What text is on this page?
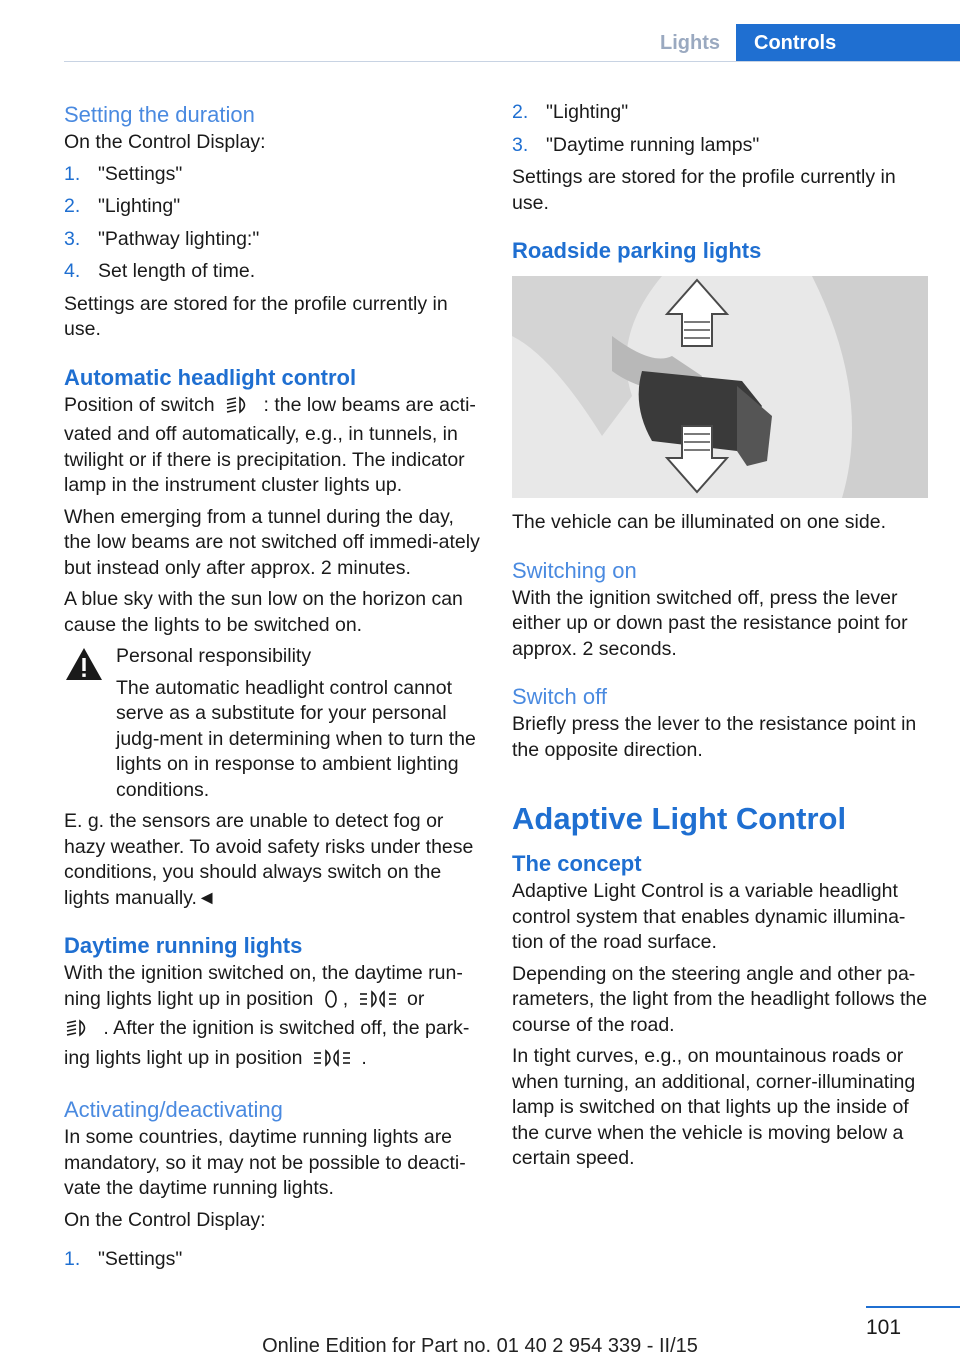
Lights	Controls
Setting the duration

On the Control Display:

1. "Settings"
2. "Lighting"
3. "Pathway lighting:"
4. Set length of time.

Settings are stored for the profile currently in use.

Automatic headlight control

Position of switch	: the low beams are acti-vated and off automatically, e.g., in tunnels, in twilight or if there is precipitation. The indicator lamp in the instrument cluster lights up.

When emerging from a tunnel during the day, the low beams are not switched off immedi-ately but instead only after approx. 2 minutes.

A blue sky with the sun low on the horizon can cause the lights to be switched on.

Personal responsibility

The automatic headlight control cannot serve as a substitute for your personal judg-ment in determining when to turn the lights on in response to ambient lighting conditions.

E. g. the sensors are unable to detect fog or hazy weather. To avoid safety risks under these conditions, you should always switch on the lights manually.◄

Daytime running lights

With the ignition switched on, the daytime run-ning lights light up in position ,	or
. After the ignition is switched off, the park-ing lights light up in position	.

Activating/deactivating

In some countries, daytime running lights are mandatory, so it may not be possible to deacti-vate the daytime running lights.

On the Control Display:

1. "Settings"
2. "Lighting"
3. "Daytime running lamps"

Settings are stored for the profile currently in use.

Roadside parking lights

The vehicle can be illuminated on one side.

Switching on

With the ignition switched off, press the lever either up or down past the resistance point for approx. 2 seconds.

Switch off

Briefly press the lever to the resistance point in the opposite direction.

Adaptive Light Control
The concept

Adaptive Light Control is a variable headlight control system that enables dynamic illumina-tion of the road surface.

Depending on the steering angle and other pa-rameters, the light from the headlight follows the course of the road.

In tight curves, e.g., on mountainous roads or when turning, an additional, corner-illuminating lamp is switched on that lights up the inside of the curve when the vehicle is moving below a certain speed.

101
Online Edition for Part no. 01 40 2 954 339 - II/15
